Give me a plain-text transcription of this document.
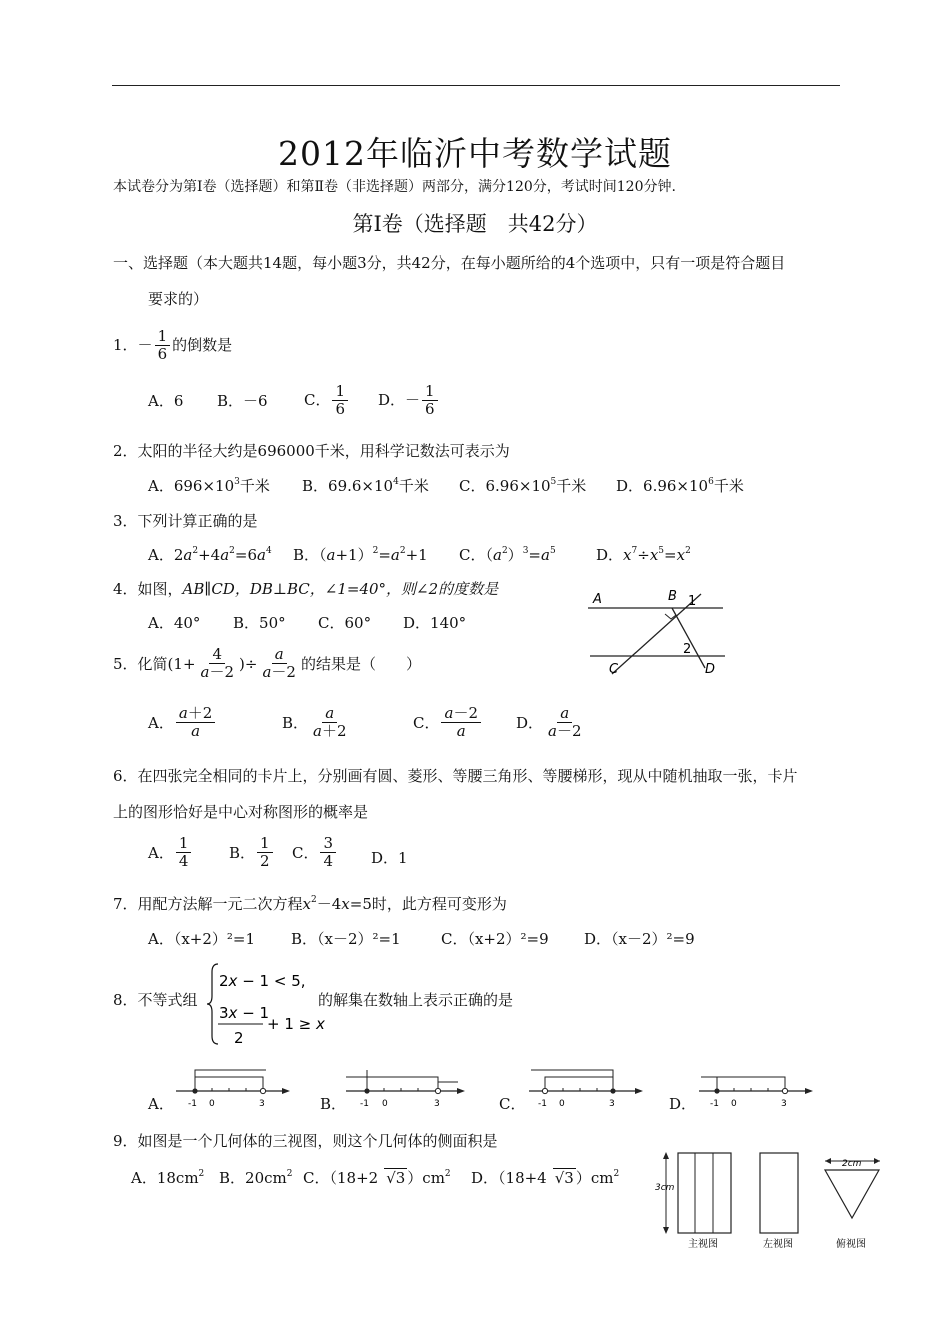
2012年临沂中考数学试题
本试卷分为第Ⅰ卷（选择题）和第Ⅱ卷（非选择题）两部分，满分120分，考试时间120分钟.
第Ⅰ卷（选择题　共42分）
一、选择题（本大题共14题，每小题3分，共42分，在每小题所给的4个选项中，只有一项是符合题目
要求的）
1．－ $\frac{1}{6}$ 的倒数是
A．6 B．－6 C． $\frac{1}{6}$ D．－ $\frac{1}{6}$
2．太阳的半径大约是696000千米，用科学记数法可表示为
A．$696\times 10^3$千米 B．$69.6\times 10^4$千米 C．$6.96\times 10^5$千米 D．$6.96\times 10^6$千米
3．下列计算正确的是
A．$2a^2+4a^2=6a^4$ B．$(a+1)^2=a^2+1$ C．$(a^2)^3=a^5$	D．$x^7\div x^5=x^2$
4．如图，AB∥CD，DB⊥BC，∠1=40°，则∠2的度数是
A．40° B．50° C．60° D．140°
A	B
C	D
1
2
5．化简 ($1+ \frac{4}{a-2}$ )÷ $\frac{a}{a-2}$ 的结果是（　　）
A． $\frac{a+2}{a}$	B． $\frac{a}{a+2}$	C． $\frac{a-2}{a}$ D． $\frac{a}{a-2}$
6．在四张完全相同的卡片上，分别画有圆、菱形、等腰三角形、等腰梯形，现从中随机抽取一张，卡片
上的图形恰好是中心对称图形的概率是
A． $\frac{1}{4}$	B． $\frac{1}{2}$ C． $\frac{3}{4}$ D．1
7．用配方法解一元二次方程$x^2-4x=5$时，此方程可变形为
A．（x+2）²=1 B．（x－2）²=1	C．（x+2）²=9 D．（x－2）²=9
8．不等式组
2x − 1 < 5,
3x − 1
2
+ 1 ≥ x
的解集在数轴上表示正确的是
A．	B．	C．	D．
-1 0	3	-1 0	3	-1 0	3	-1 0	3
9．如图是一个几何体的三视图，则这个几何体的侧面积是
A．$18cm^2$ B．$20cm^2$ C．（18+2 √3 ）$cm^2$ D．（18+4 √3 ）$cm^2$
3cm
2cm
主视图	左视图	俯视图
